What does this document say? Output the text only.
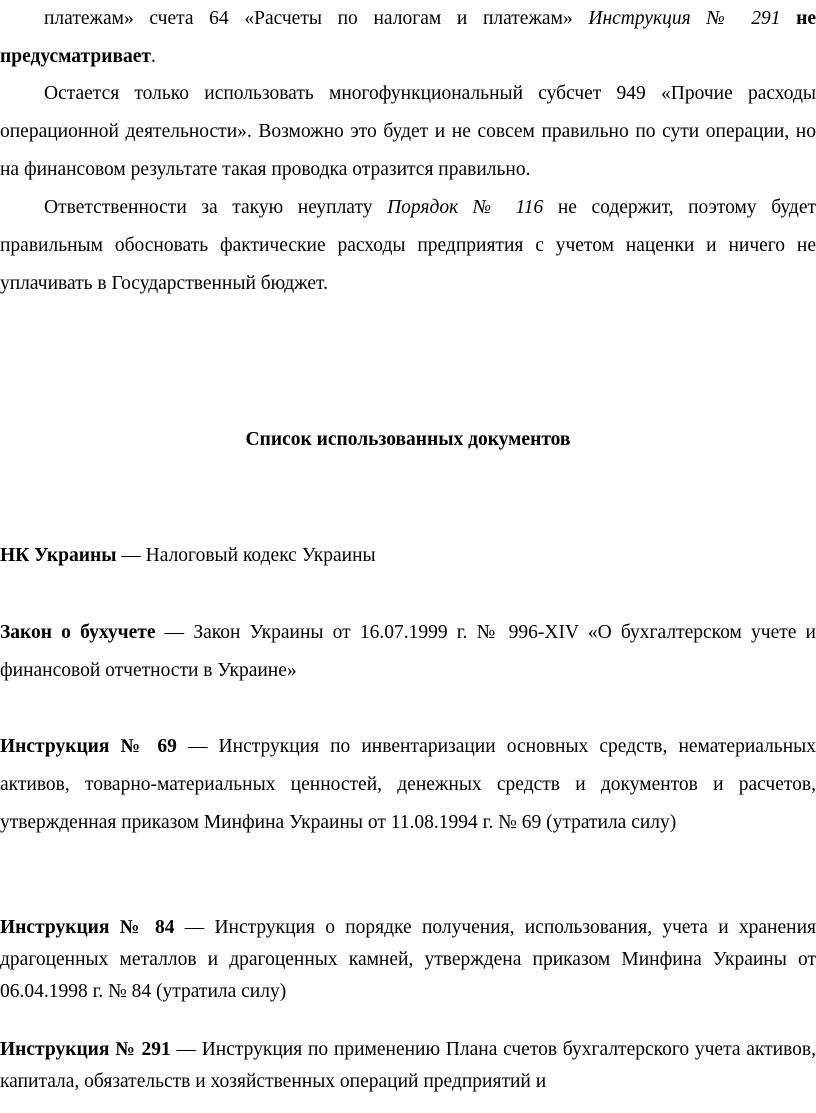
платежам» счета 64 «Расчеты по налогам и платежам» Инструкция № 291 не предусматривает.

Остается только использовать многофункциональный субсчет 949 «Прочие расходы операционной деятельности». Возможно это будет и не совсем правильно по сути операции, но на финансовом результате такая проводка отразится правильно.

Ответственности за такую неуплату Порядок № 116 не содержит, поэтому будет правильным обосновать фактические расходы предприятия с учетом наценки и ничего не уплачивать в Государственный бюджет.

Список использованных документов

НК Украины — Налоговый кодекс Украины

Закон о бухучете — Закон Украины от 16.07.1999 г. № 996-XIV «О бухгалтерском учете и финансовой отчетности в Украине»

Инструкция № 69 — Инструкция по инвентаризации основных средств, нематериальных активов, товарно-материальных ценностей, денежных средств и документов и расчетов, утвержденная приказом Минфина Украины от 11.08.1994 г. № 69 (утратила силу)

Инструкция № 84 — Инструкция о порядке получения, использования, учета и хранения драгоценных металлов и драгоценных камней, утверждена приказом Минфина Украины от 06.04.1998 г. № 84 (утратила силу)

Инструкция № 291 — Инструкция по применению Плана счетов бухгалтерского учета активов, капитала, обязательств и хозяйственных операций предприятий и
